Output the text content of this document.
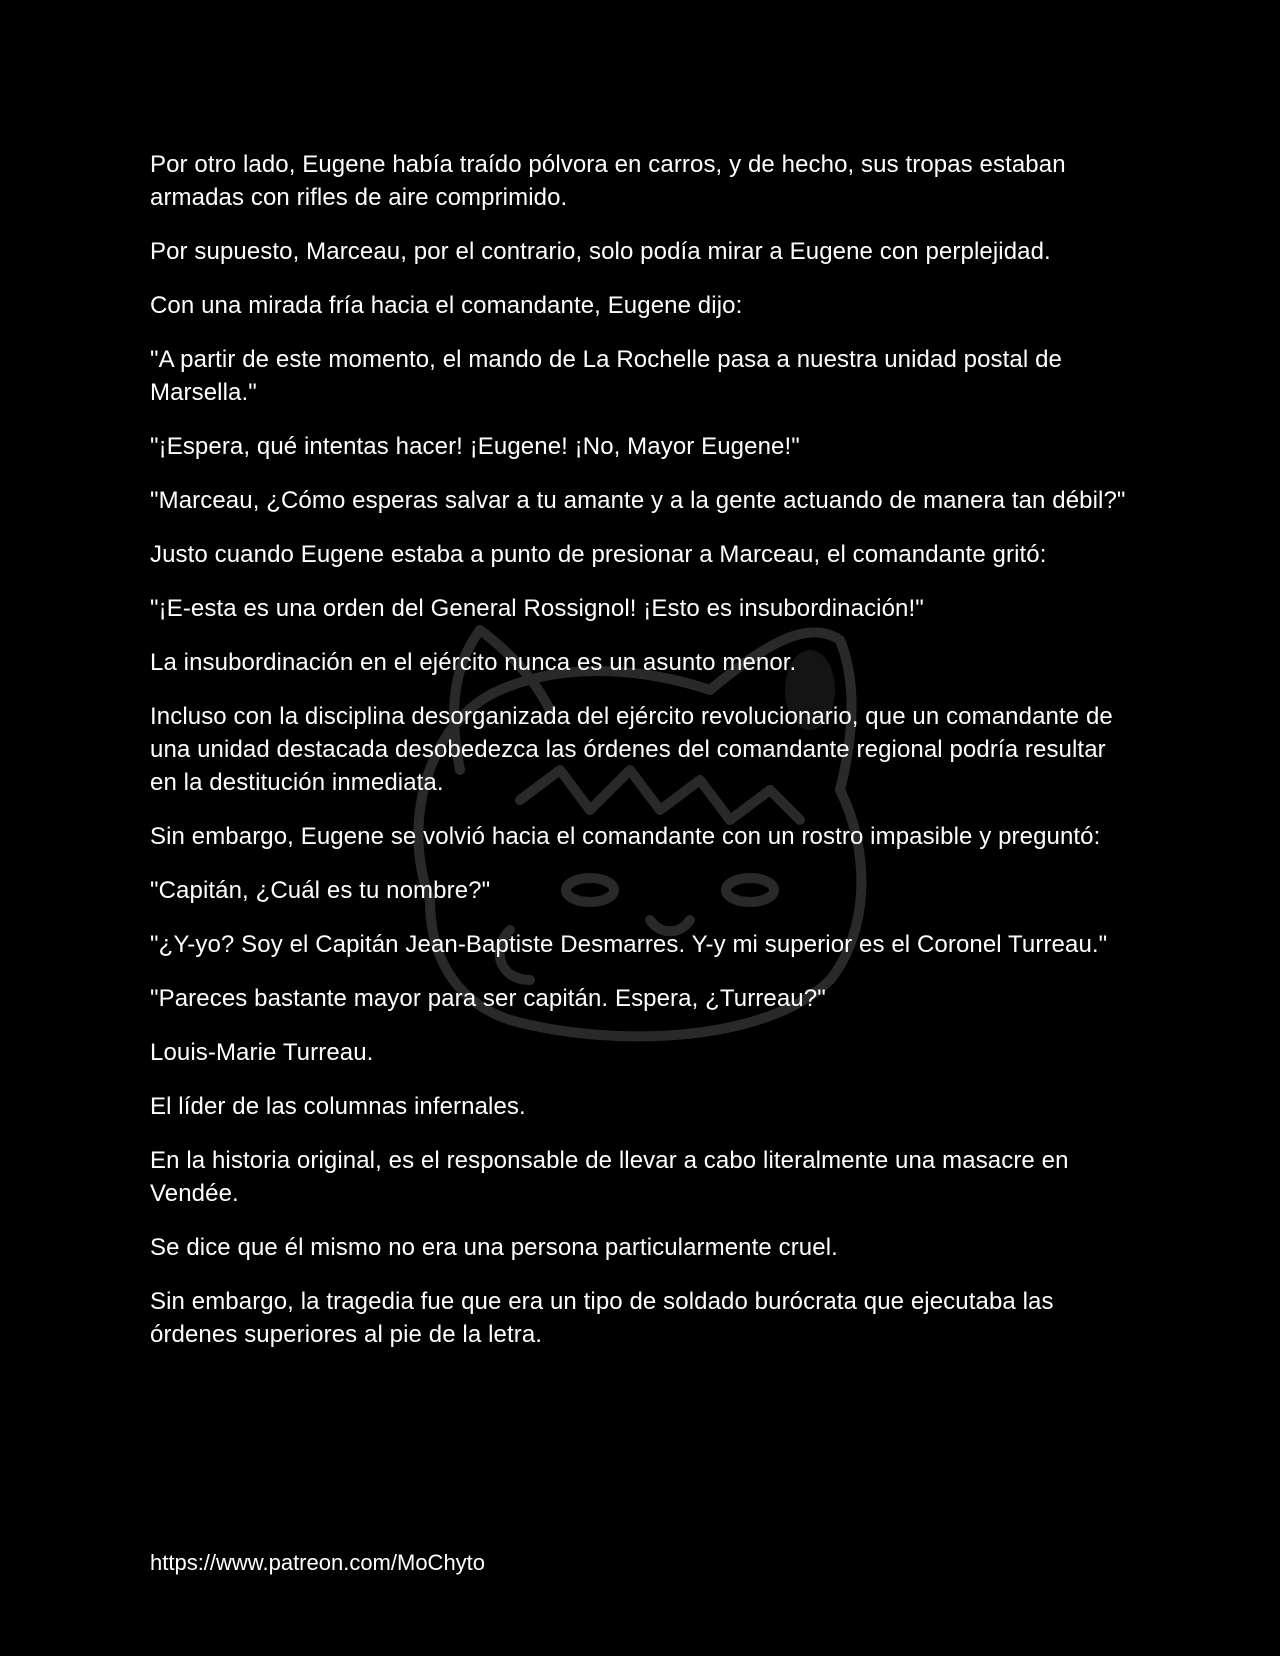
Por otro lado, Eugene había traído pólvora en carros, y de hecho, sus tropas estaban armadas con rifles de aire comprimido.

Por supuesto, Marceau, por el contrario, solo podía mirar a Eugene con perplejidad.

Con una mirada fría hacia el comandante, Eugene dijo:

"A partir de este momento, el mando de La Rochelle pasa a nuestra unidad postal de Marsella."

"¡Espera, qué intentas hacer! ¡Eugene! ¡No, Mayor Eugene!"

"Marceau, ¿Cómo esperas salvar a tu amante y a la gente actuando de manera tan débil?"

Justo cuando Eugene estaba a punto de presionar a Marceau, el comandante gritó:

"¡E-esta es una orden del General Rossignol! ¡Esto es insubordinación!"

La insubordinación en el ejército nunca es un asunto menor.

Incluso con la disciplina desorganizada del ejército revolucionario, que un comandante de una unidad destacada desobedezca las órdenes del comandante regional podría resultar en la destitución inmediata.

Sin embargo, Eugene se volvió hacia el comandante con un rostro impasible y preguntó:

"Capitán, ¿Cuál es tu nombre?"

"¿Y-yo? Soy el Capitán Jean-Baptiste Desmarres. Y-y mi superior es el Coronel Turreau."

"Pareces bastante mayor para ser capitán. Espera, ¿Turreau?"

Louis-Marie Turreau.

El líder de las columnas infernales.

En la historia original, es el responsable de llevar a cabo literalmente una masacre en Vendée.

Se dice que él mismo no era una persona particularmente cruel.

Sin embargo, la tragedia fue que era un tipo de soldado burócrata que ejecutaba las órdenes superiores al pie de la letra.

https://www.patreon.com/MoChyto
